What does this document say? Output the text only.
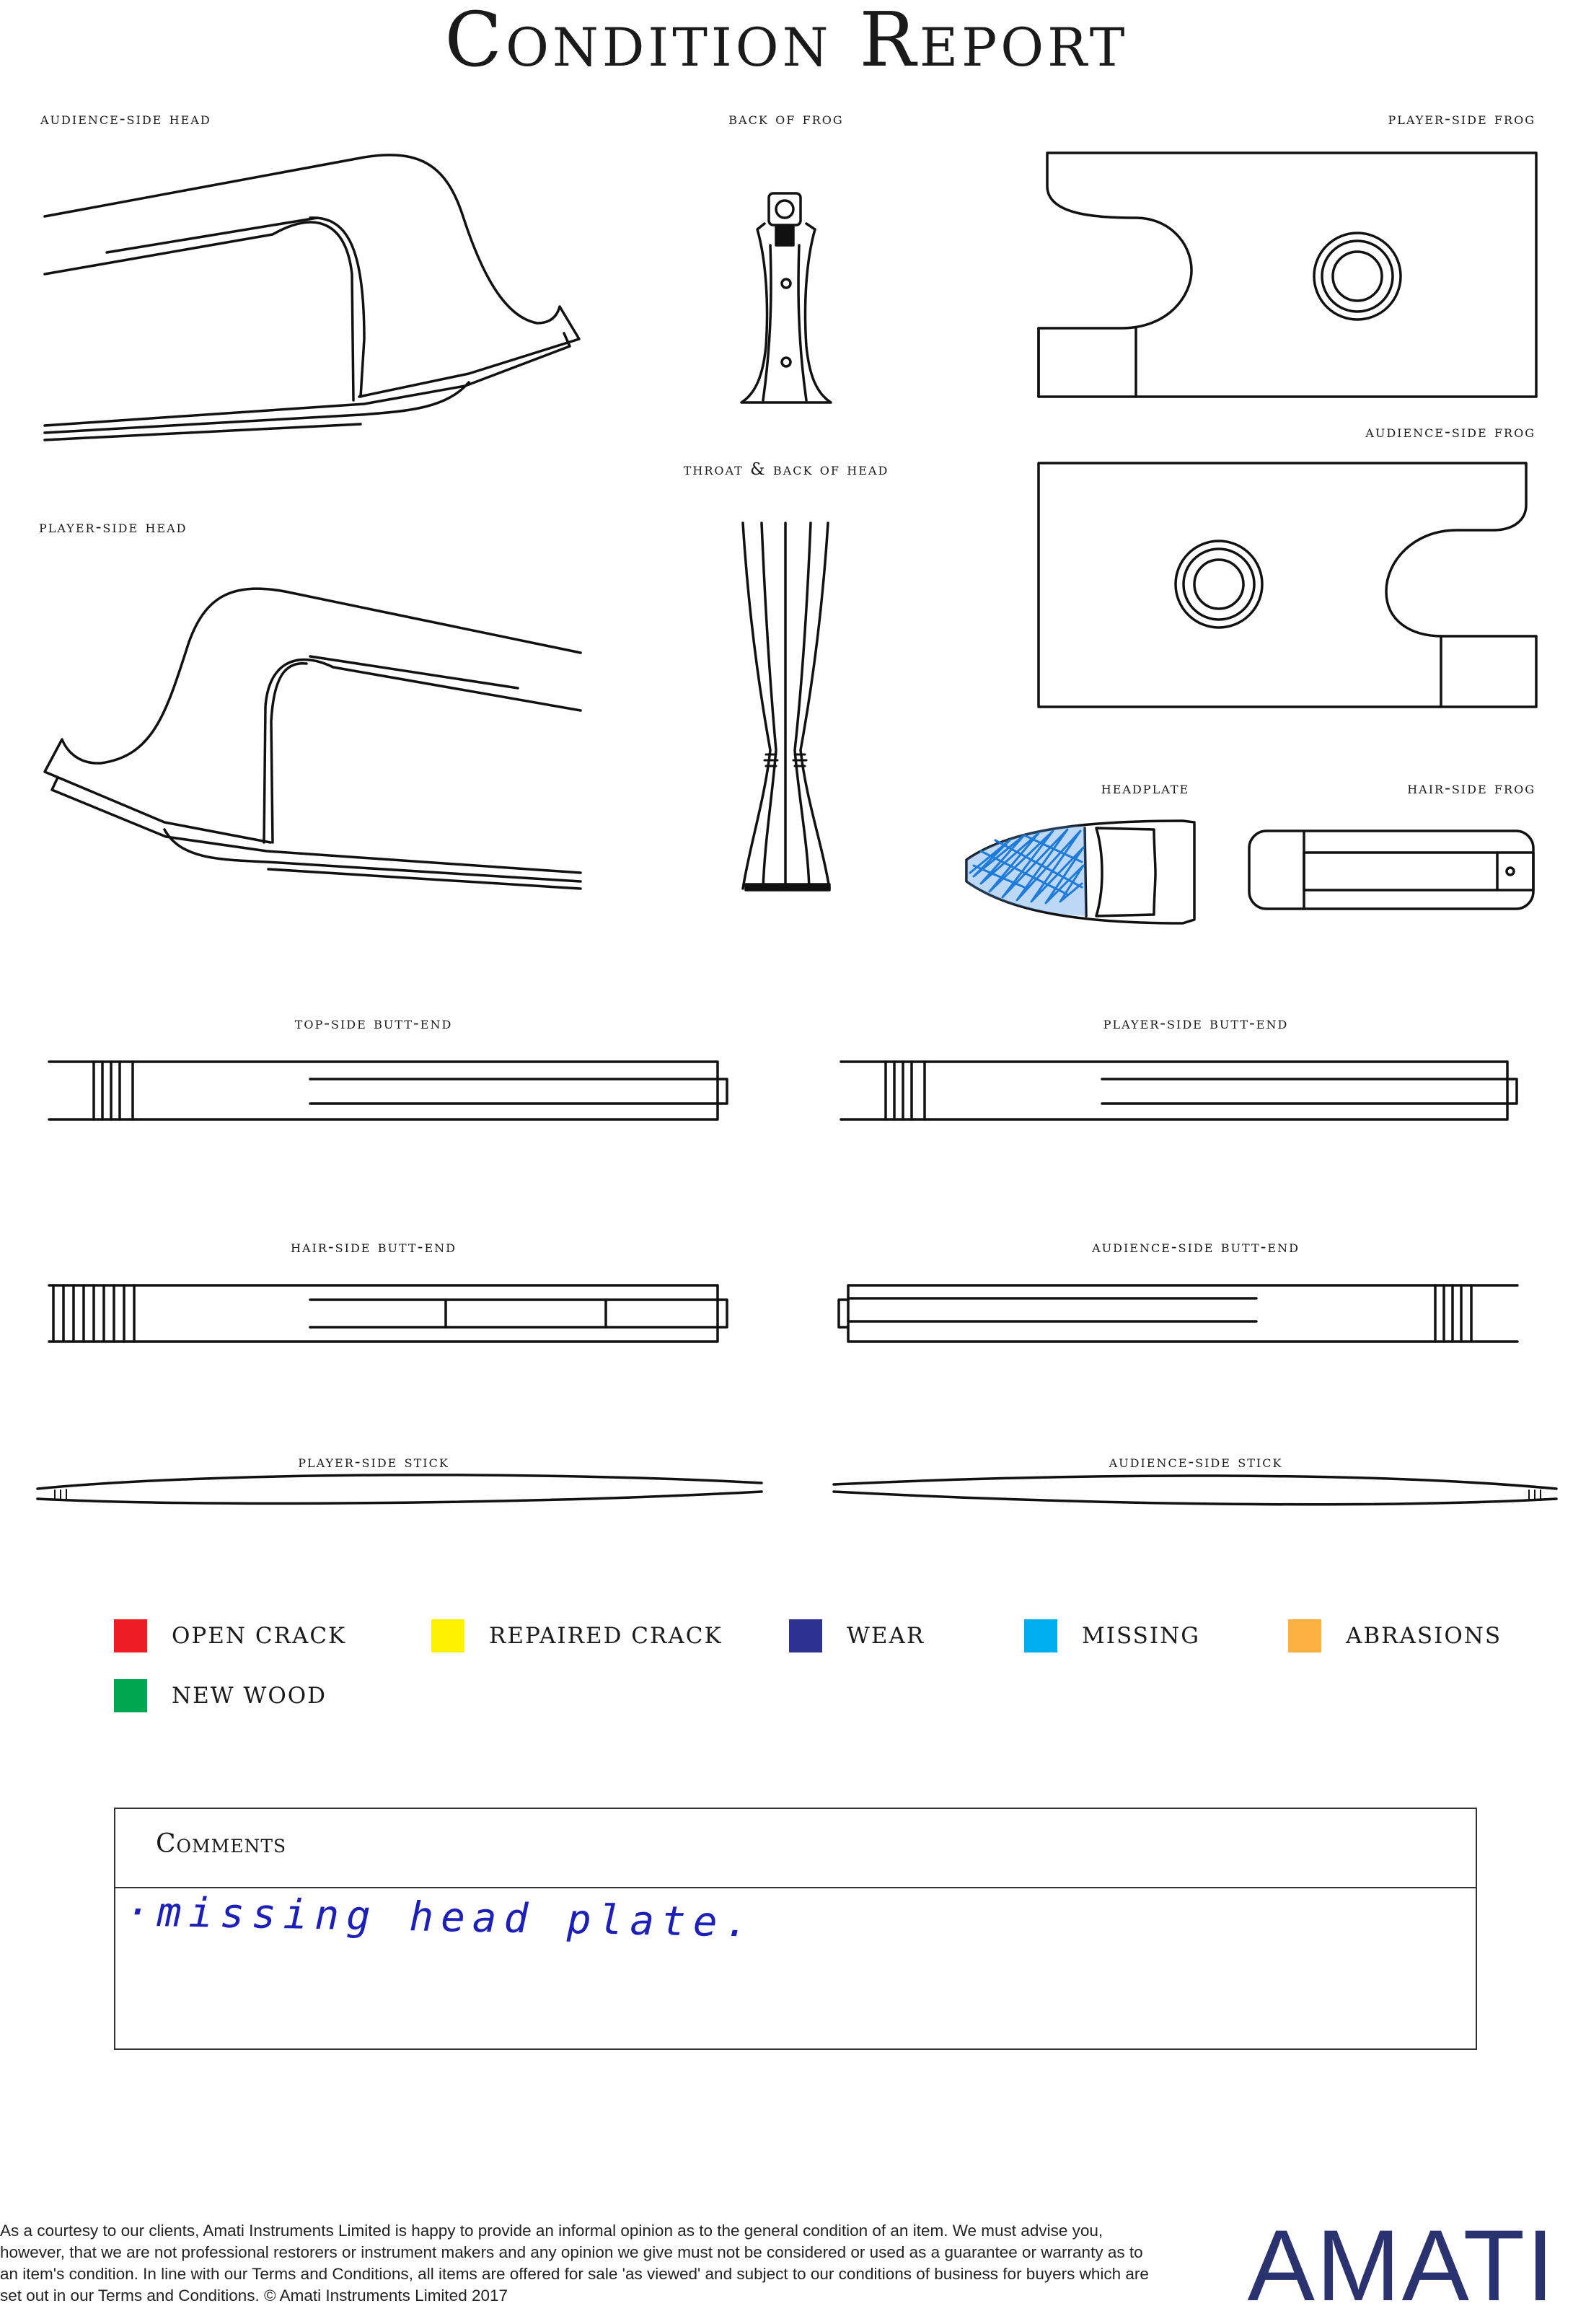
Condition Report
audience-side head	back of frog	player-side frog
audience-side frog
throat & back of head
player-side head
headplate	hair-side frog
top-side butt-end	player-side butt-end
hair-side butt-end	audience-side butt-end
player-side stick	audience-side stick
OPEN CRACK	REPAIRED CRACK	WEAR	MISSING	ABRASIONS
NEW WOOD
Comments
·missing head plate.
As a courtesy to our clients, Amati Instruments Limited is happy to provide an informal opinion as to the general condition of an item. We must advise you, however, that we are not professional restorers or instrument makers and any opinion we give must not be considered or used as a guarantee or warranty as to an item's condition. In line with our Terms and Conditions, all items are offered for sale 'as viewed' and subject to our conditions of business for buyers which are set out in our Terms and Conditions. © Amati Instruments Limited 2017	AMATI
